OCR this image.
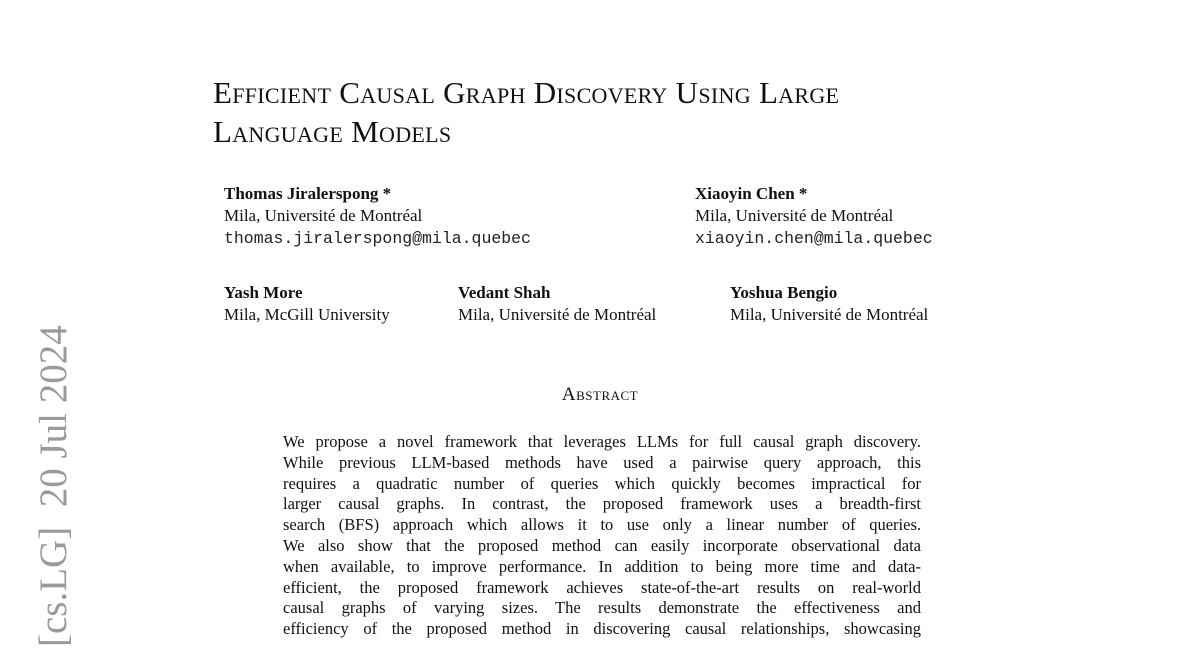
[cs.LG]  20 Jul 2024
Efficient Causal Graph Discovery Using Large
Language Models
Thomas Jiralerspong *
Mila, Université de Montréal
thomas.jiralerspong@mila.quebec
Xiaoyin Chen *
Mila, Université de Montréal
xiaoyin.chen@mila.quebec
Yash More
Mila, McGill University
Vedant Shah
Mila, Université de Montréal
Yoshua Bengio
Mila, Université de Montréal
Abstract
We propose a novel framework that leverages LLMs for full causal graph discovery.
While previous LLM-based methods have used a pairwise query approach, this
requires a quadratic number of queries which quickly becomes impractical for
larger causal graphs. In contrast, the proposed framework uses a breadth-first
search (BFS) approach which allows it to use only a linear number of queries.
We also show that the proposed method can easily incorporate observational data
when available, to improve performance. In addition to being more time and data-
efficient, the proposed framework achieves state-of-the-art results on real-world
causal graphs of varying sizes. The results demonstrate the effectiveness and
efficiency of the proposed method in discovering causal relationships, showcasing
